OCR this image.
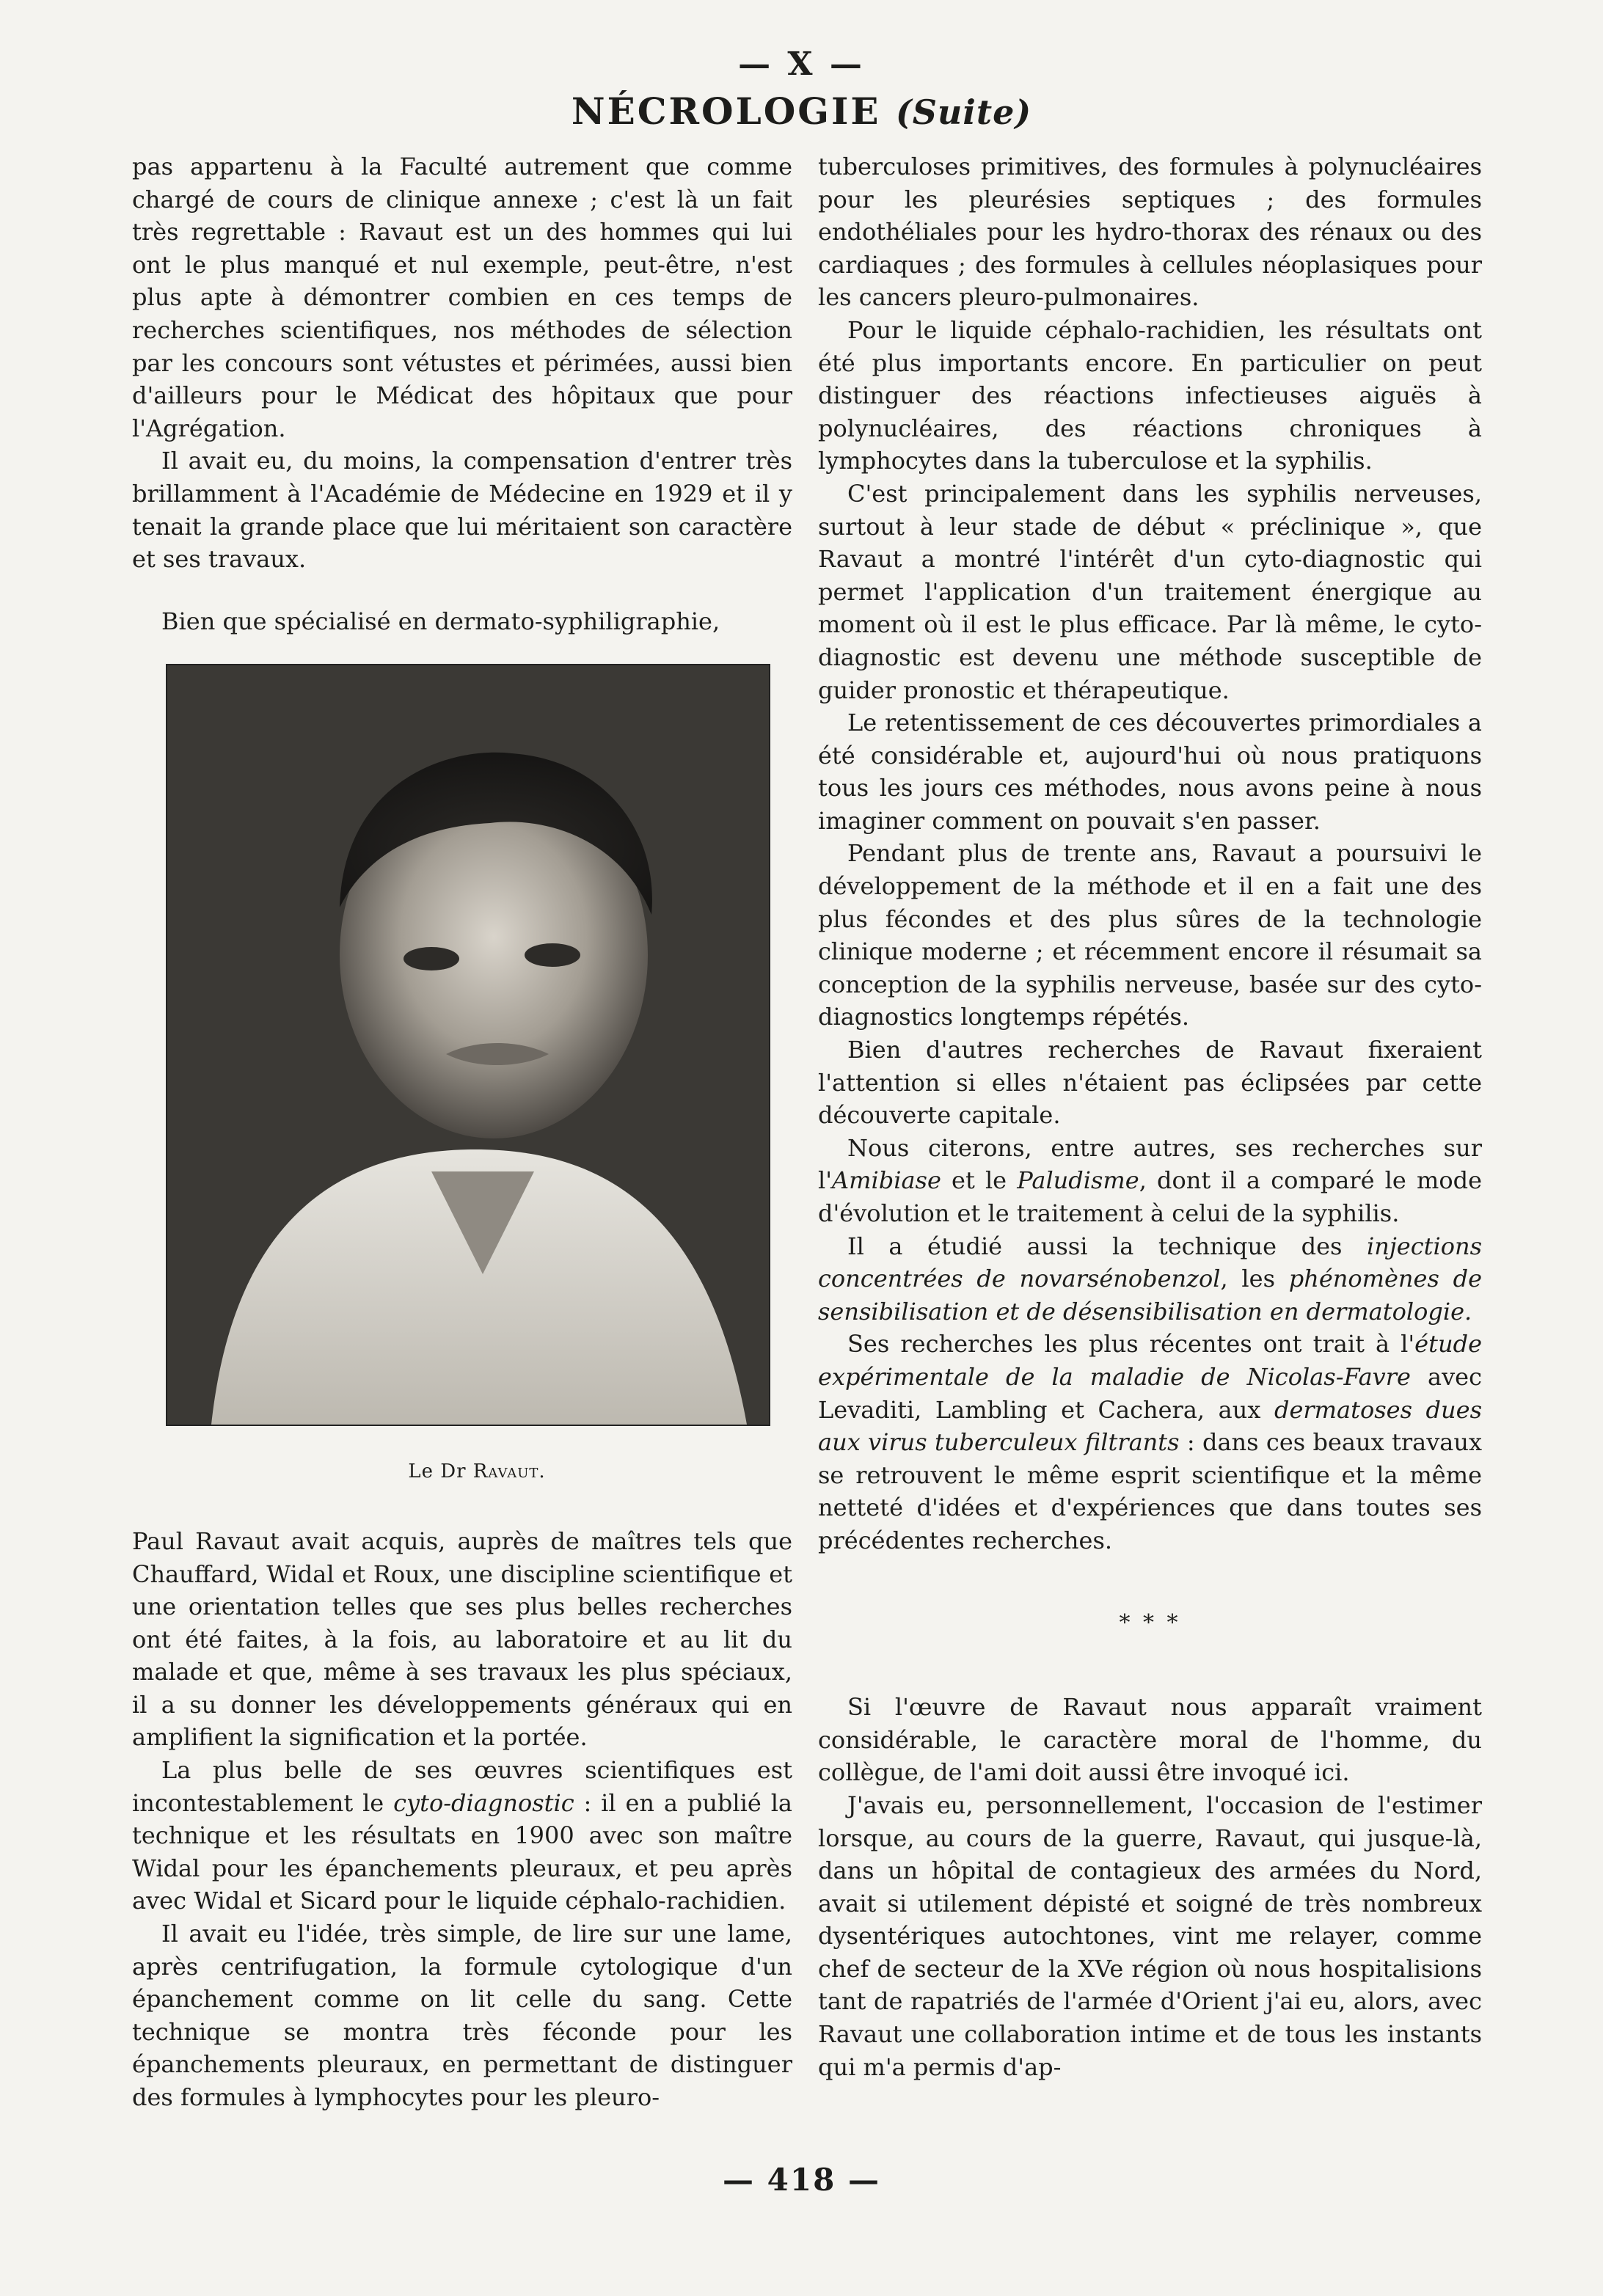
— X —
NÉCROLOGIE (Suite)

pas appartenu à la Faculté autrement que comme chargé de cours de clinique annexe ; c'est là un fait très regrettable : Ravaut est un des hommes qui lui ont le plus manqué et nul exemple, peut-être, n'est plus apte à démontrer combien en ces temps de recherches scientifiques, nos méthodes de sélection par les concours sont vétustes et périmées, aussi bien d'ailleurs pour le Médicat des hôpitaux que pour l'Agrégation.

Il avait eu, du moins, la compensation d'entrer très brillamment à l'Académie de Médecine en 1929 et il y tenait la grande place que lui méritaient son caractère et ses travaux.

Bien que spécialisé en dermato-syphiligraphie,

Le Dr Ravaut.

Paul Ravaut avait acquis, auprès de maîtres tels que Chauffard, Widal et Roux, une discipline scientifique et une orientation telles que ses plus belles recherches ont été faites, à la fois, au laboratoire et au lit du malade et que, même à ses travaux les plus spéciaux, il a su donner les développements généraux qui en amplifient la signification et la portée.

La plus belle de ses œuvres scientifiques est incontestablement le cyto-diagnostic : il en a publié la technique et les résultats en 1900 avec son maître Widal pour les épanchements pleuraux, et peu après avec Widal et Sicard pour le liquide céphalo-rachidien.

Il avait eu l'idée, très simple, de lire sur une lame, après centrifugation, la formule cytologique d'un épanchement comme on lit celle du sang. Cette technique se montra très féconde pour les épanchements pleuraux, en permettant de distinguer des formules à lymphocytes pour les pleuro-

tuberculoses primitives, des formules à polynucléaires pour les pleurésies septiques ; des formules endothéliales pour les hydro-thorax des rénaux ou des cardiaques ; des formules à cellules néoplasiques pour les cancers pleuro-pulmonaires.

Pour le liquide céphalo-rachidien, les résultats ont été plus importants encore. En particulier on peut distinguer des réactions infectieuses aiguës à polynucléaires, des réactions chroniques à lymphocytes dans la tuberculose et la syphilis.

C'est principalement dans les syphilis nerveuses, surtout à leur stade de début « préclinique », que Ravaut a montré l'intérêt d'un cyto-diagnostic qui permet l'application d'un traitement énergique au moment où il est le plus efficace. Par là même, le cyto-diagnostic est devenu une méthode susceptible de guider pronostic et thérapeutique.

Le retentissement de ces découvertes primordiales a été considérable et, aujourd'hui où nous pratiquons tous les jours ces méthodes, nous avons peine à nous imaginer comment on pouvait s'en passer.

Pendant plus de trente ans, Ravaut a poursuivi le développement de la méthode et il en a fait une des plus fécondes et des plus sûres de la technologie clinique moderne ; et récemment encore il résumait sa conception de la syphilis nerveuse, basée sur des cyto-diagnostics longtemps répétés.

Bien d'autres recherches de Ravaut fixeraient l'attention si elles n'étaient pas éclipsées par cette découverte capitale.

Nous citerons, entre autres, ses recherches sur l'Amibiase et le Paludisme, dont il a comparé le mode d'évolution et le traitement à celui de la syphilis.

Il a étudié aussi la technique des injections concentrées de novarsénobenzol, les phénomènes de sensibilisation et de désensibilisation en dermatologie.

Ses recherches les plus récentes ont trait à l'étude expérimentale de la maladie de Nicolas-Favre avec Levaditi, Lambling et Cachera, aux dermatoses dues aux virus tuberculeux filtrants : dans ces beaux travaux se retrouvent le même esprit scientifique et la même netteté d'idées et d'expériences que dans toutes ses précédentes recherches.

* * *

Si l'œuvre de Ravaut nous apparaît vraiment considérable, le caractère moral de l'homme, du collègue, de l'ami doit aussi être invoqué ici.

J'avais eu, personnellement, l'occasion de l'estimer lorsque, au cours de la guerre, Ravaut, qui jusque-là, dans un hôpital de contagieux des armées du Nord, avait si utilement dépisté et soigné de très nombreux dysentériques autochtones, vint me relayer, comme chef de secteur de la XVe région où nous hospitalisions tant de rapatriés de l'armée d'Orient j'ai eu, alors, avec Ravaut une collaboration intime et de tous les instants qui m'a permis d'ap-

— 418 —
